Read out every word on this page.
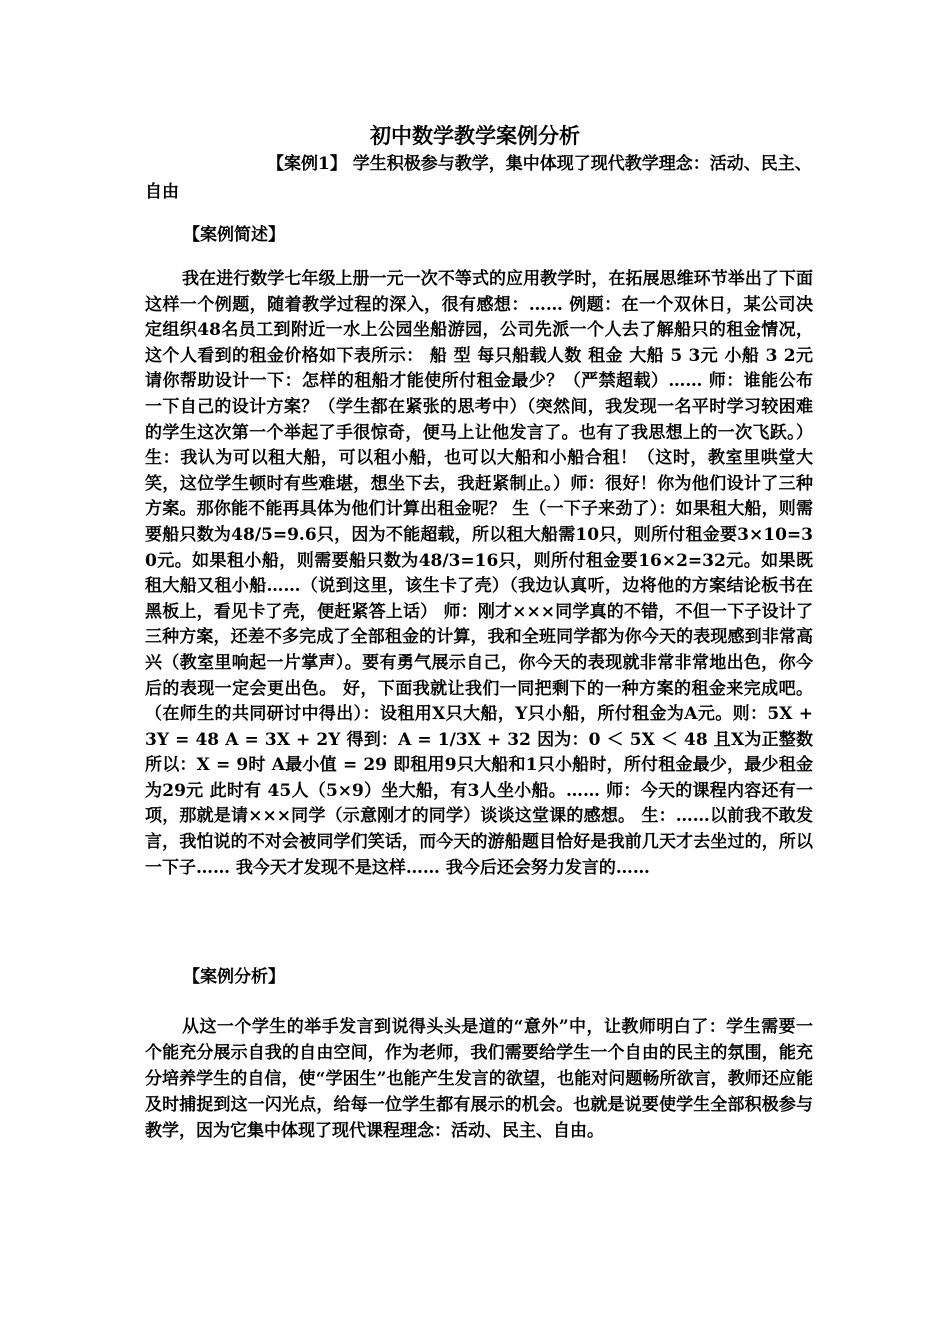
初中数学教学案例分析
【案例1】 学生积极参与教学，集中体现了现代教学理念：活动、民主、自由
【案例简述】
我在进行数学七年级上册一元一次不等式的应用教学时，在拓展思维环节举出了下面这样一个例题，随着教学过程的深入，很有感想：…… 例题：在一个双休日，某公司决定组织48名员工到附近一水上公园坐船游园，公司先派一个人去了解船只的租金情况，这个人看到的租金价格如下表所示： 船 型 每只船载人数 租金 大船 5 3元 小船 3 2元 请你帮助设计一下：怎样的租船才能使所付租金最少？（严禁超载）…… 师：谁能公布一下自己的设计方案？（学生都在紧张的思考中）（突然间，我发现一名平时学习较困难的学生这次第一个举起了手很惊奇，便马上让他发言了。也有了我思想上的一次飞跃。）生：我认为可以租大船，可以租小船，也可以大船和小船合租！（这时，教室里哄堂大笑，这位学生顿时有些难堪，想坐下去，我赶紧制止。）师：很好！你为他们设计了三种方案。那你能不能再具体为他们计算出租金呢？ 生（一下子来劲了）：如果租大船，则需要船只数为48/5=9.6只，因为不能超载，所以租大船需10只，则所付租金要3×10=30元。如果租小船，则需要船只数为48/3=16只，则所付租金要16×2=32元。如果既租大船又租小船……（说到这里，该生卡了壳）（我边认真听，边将他的方案结论板书在黑板上，看见卡了壳，便赶紧答上话） 师：刚才×××同学真的不错，不但一下子设计了三种方案，还差不多完成了全部租金的计算，我和全班同学都为你今天的表现感到非常高兴（教室里响起一片掌声）。要有勇气展示自己，你今天的表现就非常非常地出色，你今后的表现一定会更出色。 好，下面我就让我们一同把剩下的一种方案的租金来完成吧。 （在师生的共同研讨中得出）：设租用X只大船，Y只小船，所付租金为A元。则：5X + 3Y = 48 A = 3X + 2Y 得到：A = 1/3X + 32 因为：0 ＜ 5X ＜ 48 且X为正整数 所以：X = 9时 A最小值 = 29 即租用9只大船和1只小船时，所付租金最少，最少租金为29元 此时有 45人（5×9）坐大船，有3人坐小船。…… 师：今天的课程内容还有一项，那就是请×××同学（示意刚才的同学）谈谈这堂课的感想。 生：……以前我不敢发言，我怕说的不对会被同学们笑话，而今天的游船题目恰好是我前几天才去坐过的，所以一下子…… 我今天才发现不是这样…… 我今后还会努力发言的……
【案例分析】
从这一个学生的举手发言到说得头头是道的“意外”中，让教师明白了：学生需要一个能充分展示自我的自由空间，作为老师，我们需要给学生一个自由的民主的氛围，能充分培养学生的自信，使“学困生”也能产生发言的欲望，也能对问题畅所欲言，教师还应能及时捕捉到这一闪光点，给每一位学生都有展示的机会。也就是说要使学生全部积极参与教学，因为它集中体现了现代课程理念：活动、民主、自由。
